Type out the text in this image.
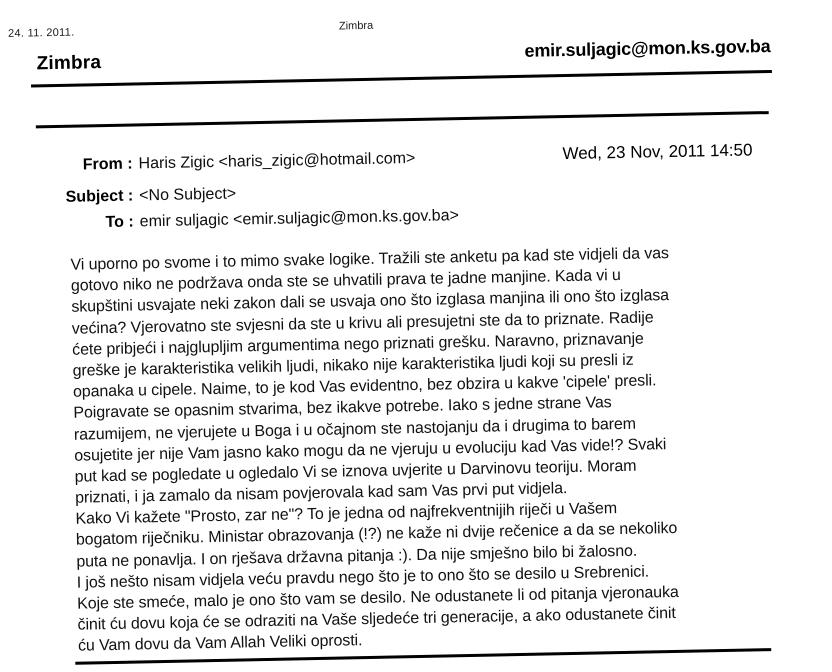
24. 11. 2011.
Zimbra
Zimbra
emir.suljagic@mon.ks.gov.ba
From : Haris Zigic <haris_zigic@hotmail.com>	Wed, 23 Nov, 2011 14:50
Subject : <No Subject>
To : emir suljagic <emir.suljagic@mon.ks.gov.ba>
Vi uporno po svome i to mimo svake logike. Tražili ste anketu pa kad ste vidjeli da vas
gotovo niko ne podržava onda ste se uhvatili prava te jadne manjine. Kada vi u
skupštini usvajate neki zakon dali se usvaja ono što izglasa manjina ili ono što izglasa
većina? Vjerovatno ste svjesni da ste u krivu ali presujetni ste da to priznate. Radije
ćete pribjeći i najglupljim argumentima nego priznati grešku. Naravno, priznavanje
greške je karakteristika velikih ljudi, nikako nije karakteristika ljudi koji su presli iz
opanaka u cipele. Naime, to je kod Vas evidentno, bez obzira u kakve 'cipele' presli.
Poigravate se opasnim stvarima, bez ikakve potrebe. Iako s jedne strane Vas
razumijem, ne vjerujete u Boga i u očajnom ste nastojanju da i drugima to barem
osujetite jer nije Vam jasno kako mogu da ne vjeruju u evoluciju kad Vas vide!? Svaki
put kad se pogledate u ogledalo Vi se iznova uvjerite u Darvinovu teoriju. Moram
priznati, i ja zamalo da nisam povjerovala kad sam Vas prvi put vidjela.
Kako Vi kažete "Prosto, zar ne"? To je jedna od najfrekventnijih riječi u Vašem
bogatom riječniku. Ministar obrazovanja (!?) ne kaže ni dvije rečenice a da se nekoliko
puta ne ponavlja. I on rješava državna pitanja :). Da nije smješno bilo bi žalosno.
I još nešto nisam vidjela veću pravdu nego što je to ono što se desilo u Srebrenici.
Koje ste smeće, malo je ono što vam se desilo. Ne odustanete li od pitanja vjeronauka
činit ću dovu koja će se odraziti na Vaše sljedeće tri generacije, a ako odustanete činit
ću Vam dovu da Vam Allah Veliki oprosti.
